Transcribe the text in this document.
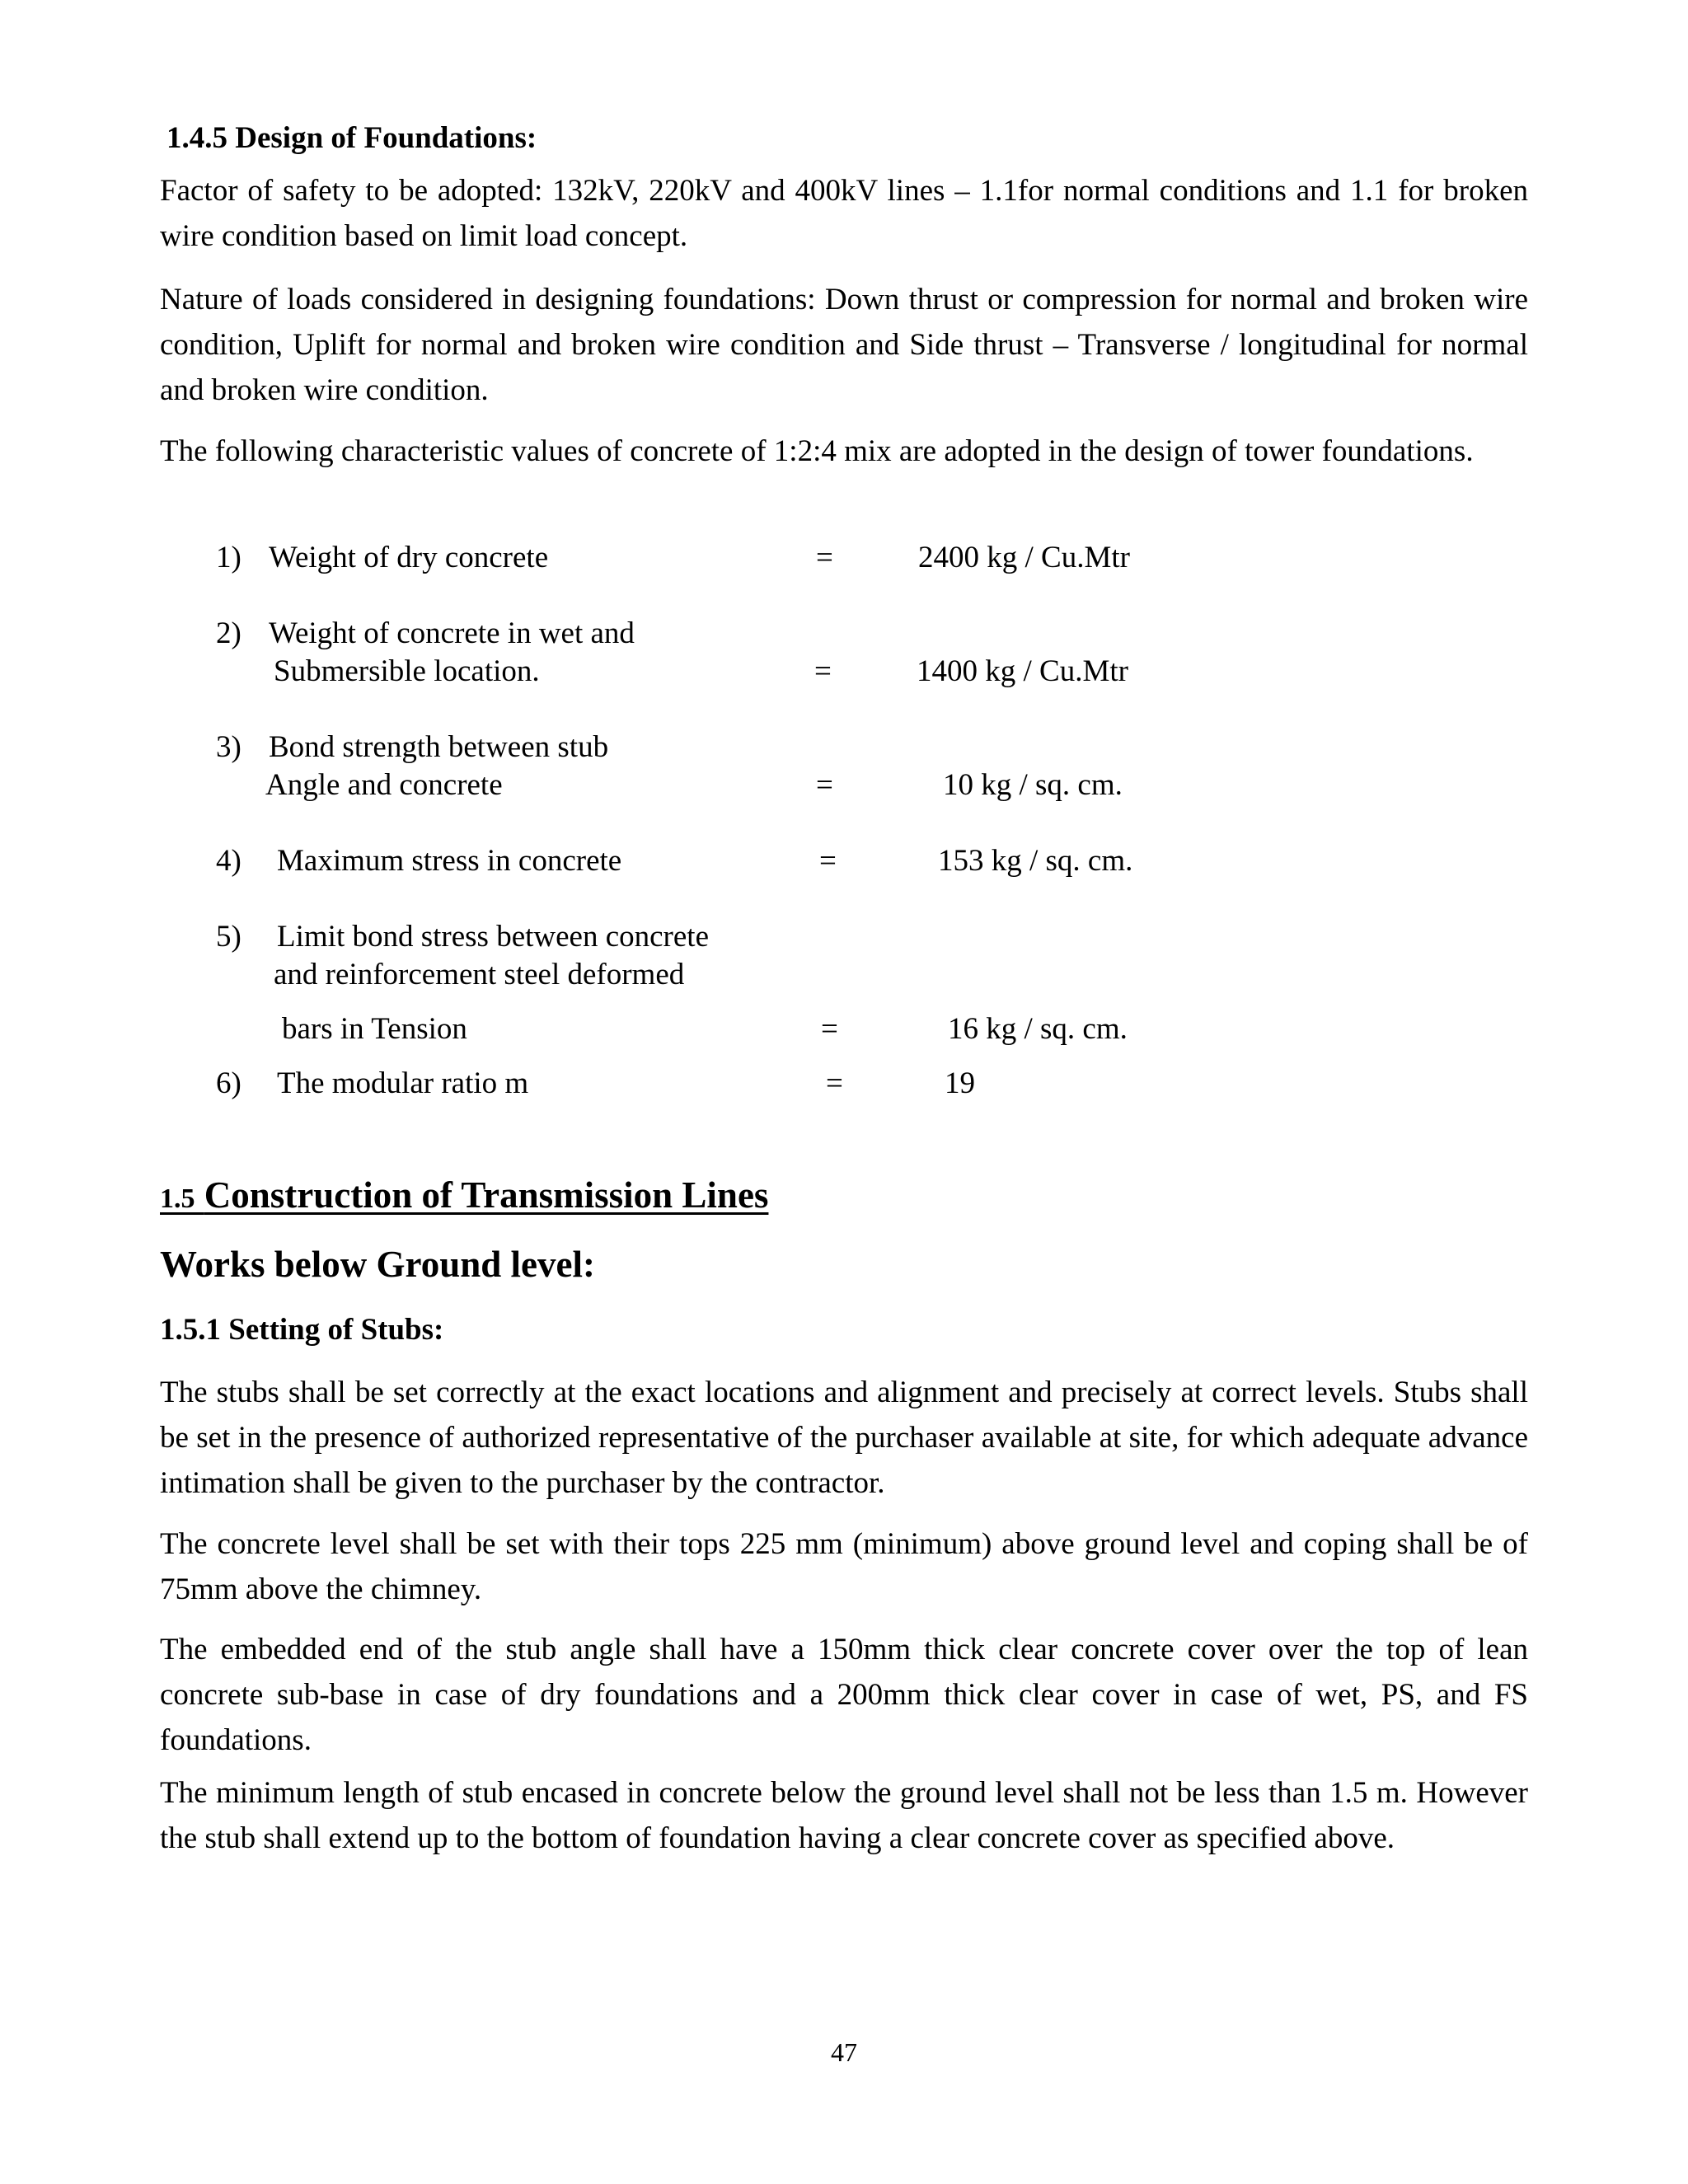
1.4.5 Design of Foundations:
Factor of safety to be adopted: 132kV, 220kV and 400kV lines – 1.1for normal conditions and 1.1 for broken wire condition based on limit load concept.
Nature of loads considered in designing foundations: Down thrust or compression for normal and broken wire condition, Uplift for normal and broken wire condition and Side thrust – Transverse / longitudinal for normal and broken wire condition.
The following characteristic values of concrete of 1:2:4 mix are adopted in the design of tower foundations.
1) Weight of dry concrete	=	2400 kg / Cu.Mtr
2) Weight of concrete in wet and
Submersible location.	=	1400 kg / Cu.Mtr
3) Bond strength between stub
Angle and concrete	=	10 kg / sq. cm.
4) Maximum stress in concrete	=	153 kg / sq. cm.
5) Limit bond stress between concrete
and reinforcement steel deformed
bars in Tension	=	16 kg / sq. cm.
6) The modular ratio m	=	19
1.5 Construction of Transmission Lines
Works below Ground level:
1.5.1 Setting of Stubs:
The stubs shall be set correctly at the exact locations and alignment and precisely at correct levels. Stubs shall be set in the presence of authorized representative of the purchaser available at site, for which adequate advance intimation shall be given to the purchaser by the contractor.
The concrete level shall be set with their tops 225 mm (minimum) above ground level and coping shall be of 75mm above the chimney.
The embedded end of the stub angle shall have a 150mm thick clear concrete cover over the top of lean concrete sub-base in case of dry foundations and a 200mm thick clear cover in case of wet, PS, and FS foundations.
The minimum length of stub encased in concrete below the ground level shall not be less than 1.5 m. However the stub shall extend up to the bottom of foundation having a clear concrete cover as specified above.
47
